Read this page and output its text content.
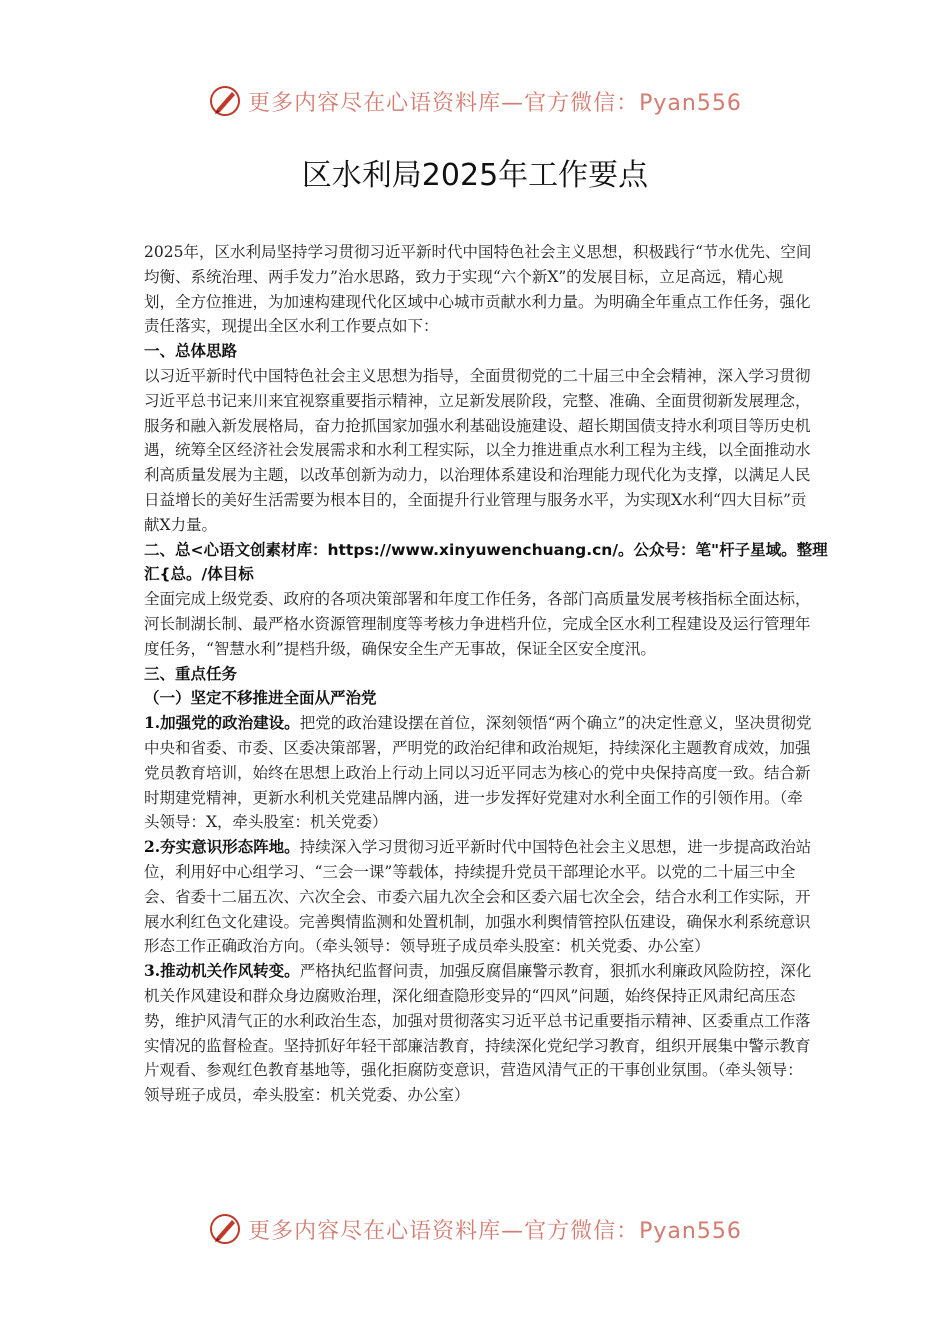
更多内容尽在心语资料库—官方微信：Pyan556
区水利局2025年工作要点

2025年，区水利局坚持学习贯彻习近平新时代中国特色社会主义思想，积极践行“节水优先、空间均衡、系统治理、两手发力”治水思路，致力于实现“六个新X”的发展目标，立足高远，精心规划，全方位推进，为加速构建现代化区域中心城市贡献水利力量。为明确全年重点工作任务，强化责任落实，现提出全区水利工作要点如下：

一、总体思路

以习近平新时代中国特色社会主义思想为指导，全面贯彻党的二十届三中全会精神，深入学习贯彻习近平总书记来川来宜视察重要指示精神，立足新发展阶段，完整、准确、全面贯彻新发展理念，服务和融入新发展格局，奋力抢抓国家加强水利基础设施建设、超长期国债支持水利项目等历史机遇，统筹全区经济社会发展需求和水利工程实际，以全力推进重点水利工程为主线，以全面推动水利高质量发展为主题，以改革创新为动力，以治理体系建设和治理能力现代化为支撑，以满足人民日益增长的美好生活需要为根本目的，全面提升行业管理与服务水平，为实现X水利“四大目标”贡献X力量。

二、总<心语文创素材库：https://www.xinyuwenchuang.cn/。公众号：笔"杆子星域。整理汇{总。/体目标

全面完成上级党委、政府的各项决策部署和年度工作任务，各部门高质量发展考核指标全面达标，河长制湖长制、最严格水资源管理制度等考核力争进档升位，完成全区水利工程建设及运行管理年度任务，“智慧水利”提档升级，确保安全生产无事故，保证全区安全度汛。

三、重点任务

（一）坚定不移推进全面从严治党

1.加强党的政治建设。把党的政治建设摆在首位，深刻领悟“两个确立”的决定性意义，坚决贯彻党中央和省委、市委、区委决策部署，严明党的政治纪律和政治规矩，持续深化主题教育成效，加强党员教育培训，始终在思想上政治上行动上同以习近平同志为核心的党中央保持高度一致。结合新时期建党精神，更新水利机关党建品牌内涵，进一步发挥好党建对水利全面工作的引领作用。（牵头领导：X，牵头股室：机关党委）

2.夯实意识形态阵地。持续深入学习贯彻习近平新时代中国特色社会主义思想，进一步提高政治站位，利用好中心组学习、“三会一课”等载体，持续提升党员干部理论水平。以党的二十届三中全会、省委十二届五次、六次全会、市委六届九次全会和区委六届七次全会，结合水利工作实际，开展水利红色文化建设。完善舆情监测和处置机制，加强水利舆情管控队伍建设，确保水利系统意识形态工作正确政治方向。（牵头领导：领导班子成员牵头股室：机关党委、办公室）

3.推动机关作风转变。严格执纪监督问责，加强反腐倡廉警示教育，狠抓水利廉政风险防控，深化机关作风建设和群众身边腐败治理，深化细查隐形变异的“四风”问题，始终保持正风肃纪高压态势，维护风清气正的水利政治生态，加强对贯彻落实习近平总书记重要指示精神、区委重点工作落实情况的监督检查。坚持抓好年轻干部廉洁教育，持续深化党纪学习教育，组织开展集中警示教育片观看、参观红色教育基地等，强化拒腐防变意识，营造风清气正的干事创业氛围。（牵头领导：领导班子成员，牵头股室：机关党委、办公室）

更多内容尽在心语资料库—官方微信：Pyan556
